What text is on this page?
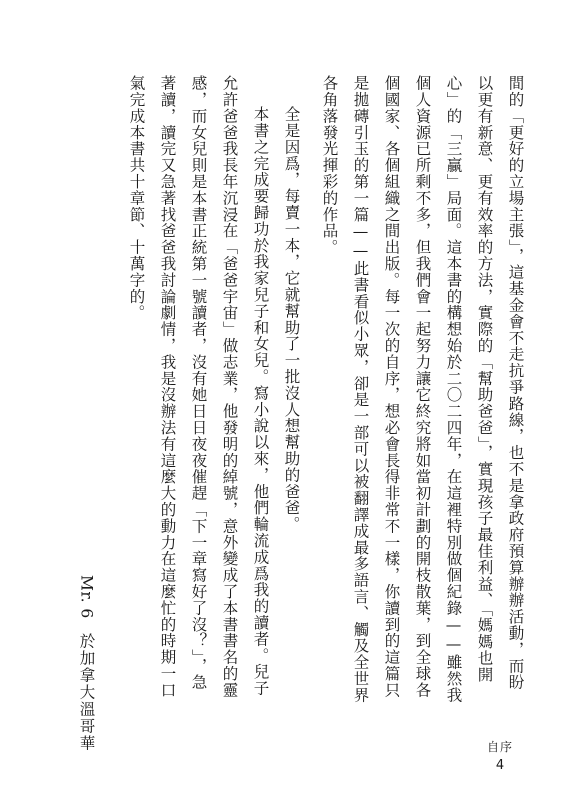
間的「更好的立場主張」，這基金會不走抗爭路線，也不是拿政府預算辦辦活動，而盼
以更有新意、更有效率的方法，實際的「幫助爸爸」，實現孩子最佳利益、「媽媽也開
心」的「三贏」局面。這本書的構想始於二〇二四年，在這裡特別做個紀錄——雖然我
個人資源已所剩不多，但我們會一起努力讓它終究將如當初計劃的開枝散葉，到全球各
個國家、各個組織之間出版。每一次的自序，想必會長得非常不一樣，你讀到的這篇只
是拋磚引玉的第一篇——此書看似小眾，卻是一部可以被翻譯成最多語言、觸及全世界
各角落發光揮彩的作品。
全是因爲，每賣一本，它就幫助了一批沒人想幫助的爸爸。
本書之完成要歸功於我家兒子和女兒。寫小說以來，他們輪流成爲我的讀者。兒子
允許爸爸我長年沉浸在「爸爸宇宙」做志業，他發明的綽號，意外變成了本書書名的靈
感，而女兒則是本書正統第一號讀者，沒有她日日夜夜催趕「下一章寫好了沒？」，急
著讀，讀完又急著找爸爸我討論劇情，我是沒辦法有這麼大的動力在這麼忙的時期一口
氣完成本書共十章節、十萬字的。
Mr. 6於加拿大溫哥華	自序
4
